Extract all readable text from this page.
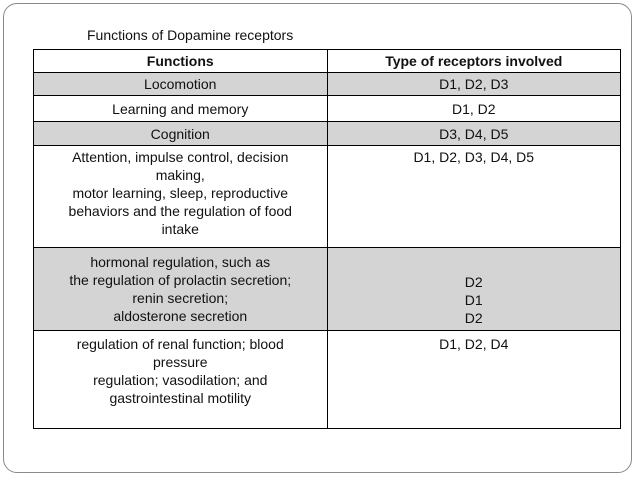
Functions of Dopamine receptors
Functions	Type of receptors involved

Locomotion	D1, D2, D3

Learning and memory	D1, D2

Cognition	D3, D4, D5

Attention, impulse control, decision
making,
motor learning, sleep, reproductive
behaviors and the regulation of food
intake	D1, D2, D3, D4, D5

hormonal regulation, such as
the regulation of prolactin secretion;
renin secretion;
aldosterone secretion	D2
D1
D2

regulation of renal function; blood
pressure
regulation; vasodilation; and
gastrointestinal motility	D1, D2, D4
